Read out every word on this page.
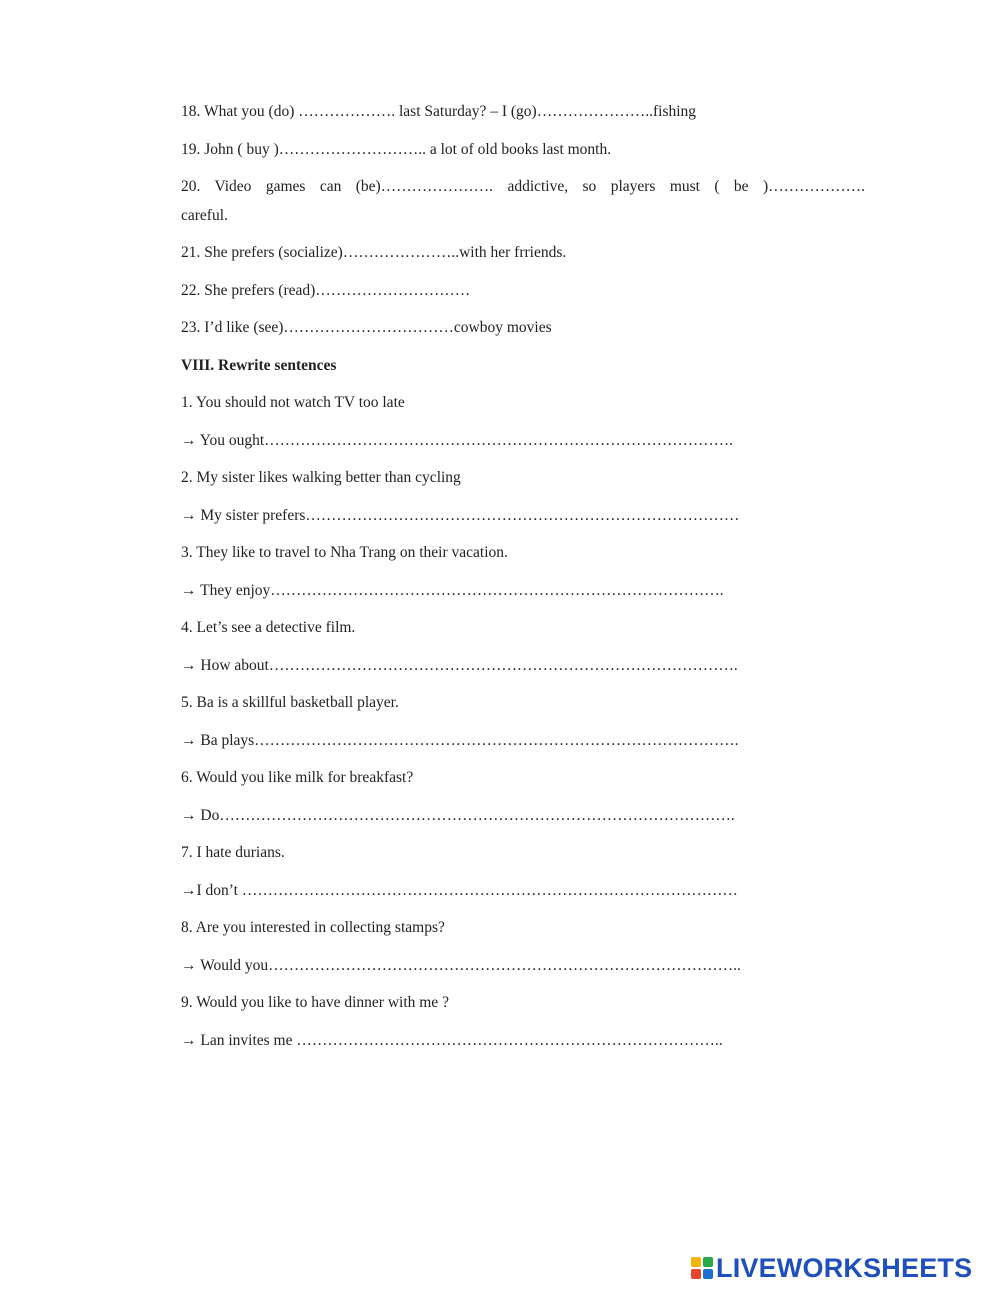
18. What you (do) ………………. last Saturday? – I (go)…………………..fishing
19. John ( buy )……………………….. a lot of old books last month.
20. Video games can (be)…………………. addictive, so players must ( be )……………….
careful.
21. She prefers (socialize)…………………..with her frriends.
22. She prefers (read)…………………………
23. I’d like (see)……………………………cowboy movies
VIII. Rewrite sentences
1. You should not watch TV too late
→ You ought……………………………………………………………………………….
2. My sister likes walking better than cycling
→ My sister prefers…………………………………………………………………………
3. They like to travel to Nha Trang on their vacation.
→ They enjoy…………………………………………………………………………….
4. Let’s see a detective film.
→ How about……………………………………………………………………………….
5. Ba is a skillful basketball player.
→ Ba plays………………………………………………………………………………….
6. Would you like milk for breakfast?
→ Do……………………………………………………………………………………….
7. I hate durians.
→I don’t ……………………………………………………………………………………
8. Are you interested in collecting stamps?
→ Would you………………………………………………………………………………..
9. Would you like to have dinner with me ?
→ Lan invites me ………………………………………………………………………..
LIVEWORKSHEETS
